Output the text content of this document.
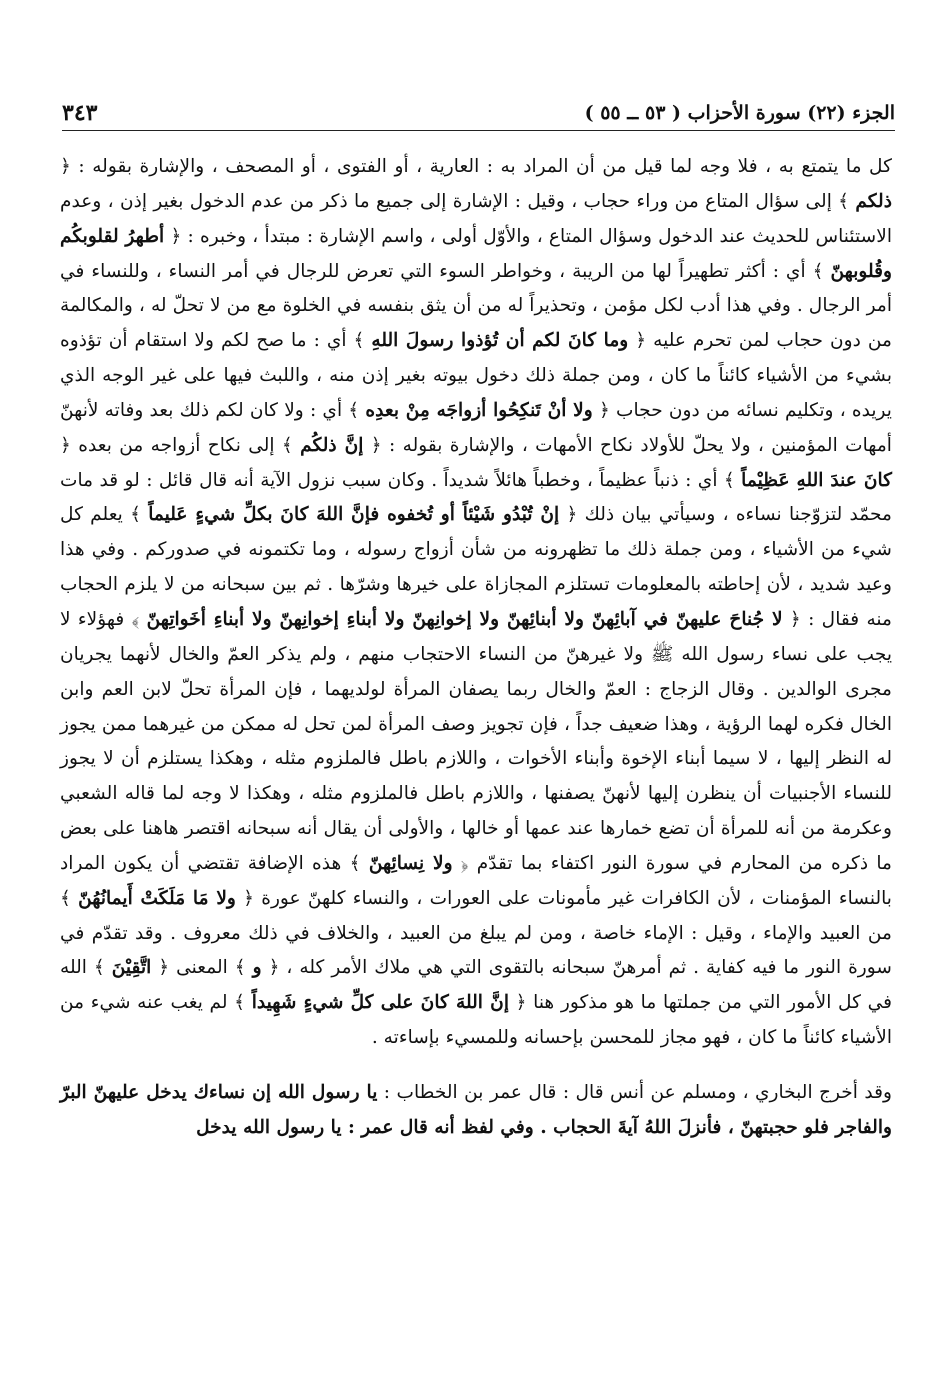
الجزء (٢٢) سورة الأحزاب ( ٥٣ ــ ٥٥ )
٣٤٣

كل ما يتمتع به ، فلا وجه لما قيل من أن المراد به : العارية ، أو الفتوى ، أو المصحف ، والإشارة بقوله : ﴿ ذلكم ﴾ إلى سؤال المتاع من وراء حجاب ، وقيل : الإشارة إلى جميع ما ذكر من عدم الدخول بغير إذن ، وعدم الاستئناس للحديث عند الدخول وسؤال المتاع ، والأوّل أولى ، واسم الإشارة : مبتدأ ، وخبره : ﴿ أطهرُ لقلوبكُم وقُلوبهنّ ﴾ أي : أكثر تطهيراً لها من الريبة ، وخواطر السوء التي تعرض للرجال في أمر النساء ، وللنساء في أمر الرجال . وفي هذا أدب لكل مؤمن ، وتحذيراً له من أن يثق بنفسه في الخلوة مع من لا تحلّ له ، والمكالمة من دون حجاب لمن تحرم عليه ﴿ وما كانَ لكم أن تُؤذوا رسولَ اللهِ ﴾ أي : ما صح لكم ولا استقام أن تؤذوه بشيء من الأشياء كائناً ما كان ، ومن جملة ذلك دخول بيوته بغير إذن منه ، واللبث فيها على غير الوجه الذي يريده ، وتكليم نسائه من دون حجاب ﴿ ولا أنْ تَنكِحُوا أزواجَه مِنْ بعدِه ﴾ أي : ولا كان لكم ذلك بعد وفاته لأنهنّ أمهات المؤمنين ، ولا يحلّ للأولاد نكاح الأمهات ، والإشارة بقوله : ﴿ إنَّ ذلكُم ﴾ إلى نكاح أزواجه من بعده ﴿ كانَ عندَ اللهِ عَظِيْماً ﴾ أي : ذنباً عظيماً ، وخطباً هائلاً شديداً . وكان سبب نزول الآية أنه قال قائل : لو قد مات محمّد لتزوّجنا نساءه ، وسيأتي بيان ذلك ﴿ إنْ تُبْدُو شَيْئاً أو تُخفوه فإنَّ اللهَ كانَ بكلِّ شيءٍ عَليماً ﴾ يعلم كل شيء من الأشياء ، ومن جملة ذلك ما تظهرونه من شأن أزواج رسوله ، وما تكتمونه في صدوركم . وفي هذا وعيد شديد ، لأن إحاطته بالمعلومات تستلزم المجازاة على خيرها وشرّها . ثم بين سبحانه من لا يلزم الحجاب منه فقال : ﴿ لا جُناحَ عليهنّ في آبائِهنّ ولا أبنائِهنّ ولا إخوانِهنّ ولا أبناءِ إخوانِهنّ ولا أبناءِ أخَواتِهنّ ﴾ فهؤلاء لا يجب على نساء رسول الله ﷺ ولا غيرهنّ من النساء الاحتجاب منهم ، ولم يذكر العمّ والخال لأنهما يجريان مجرى الوالدين . وقال الزجاج : العمّ والخال ربما يصفان المرأة لولديهما ، فإن المرأة تحلّ لابن العم وابن الخال فكره لهما الرؤية ، وهذا ضعيف جداً ، فإن تجويز وصف المرأة لمن تحل له ممكن من غيرهما ممن يجوز له النظر إليها ، لا سيما أبناء الإخوة وأبناء الأخوات ، واللازم باطل فالملزوم مثله ، وهكذا يستلزم أن لا يجوز للنساء الأجنبيات أن ينظرن إليها لأنهنّ يصفنها ، واللازم باطل فالملزوم مثله ، وهكذا لا وجه لما قاله الشعبي وعكرمة من أنه للمرأة أن تضع خمارها عند عمها أو خالها ، والأولى أن يقال أنه سبحانه اقتصر هاهنا على بعض ما ذكره من المحارم في سورة النور اكتفاء بما تقدّم ﴿ ولا نِسائِهنّ ﴾ هذه الإضافة تقتضي أن يكون المراد بالنساء المؤمنات ، لأن الكافرات غير مأمونات على العورات ، والنساء كلهنّ عورة ﴿ ولا مَا مَلَكَتْ أَيمانُهُنّ ﴾ من العبيد والإماء ، وقيل : الإماء خاصة ، ومن لم يبلغ من العبيد ، والخلاف في ذلك معروف . وقد تقدّم في سورة النور ما فيه كفاية . ثم أمرهنّ سبحانه بالتقوى التي هي ملاك الأمر كله ، ﴿ و ﴾ المعنى ﴿ اتَّقِيْنَ ﴾ الله في كل الأمور التي من جملتها ما هو مذكور هنا ﴿ إنَّ اللهَ كانَ على كلِّ شيءٍ شَهِيداً ﴾ لم يغب عنه شيء من الأشياء كائناً ما كان ، فهو مجاز للمحسن بإحسانه وللمسيء بإساءته .

وقد أخرج البخاري ، ومسلم عن أنس قال : قال عمر بن الخطاب : يا رسول الله إن نساءك يدخل عليهنّ البرّ والفاجر فلو حجبتهنّ ، فأنزلَ اللهُ آيةَ الحجاب . وفي لفظ أنه قال عمر : يا رسول الله يدخل
